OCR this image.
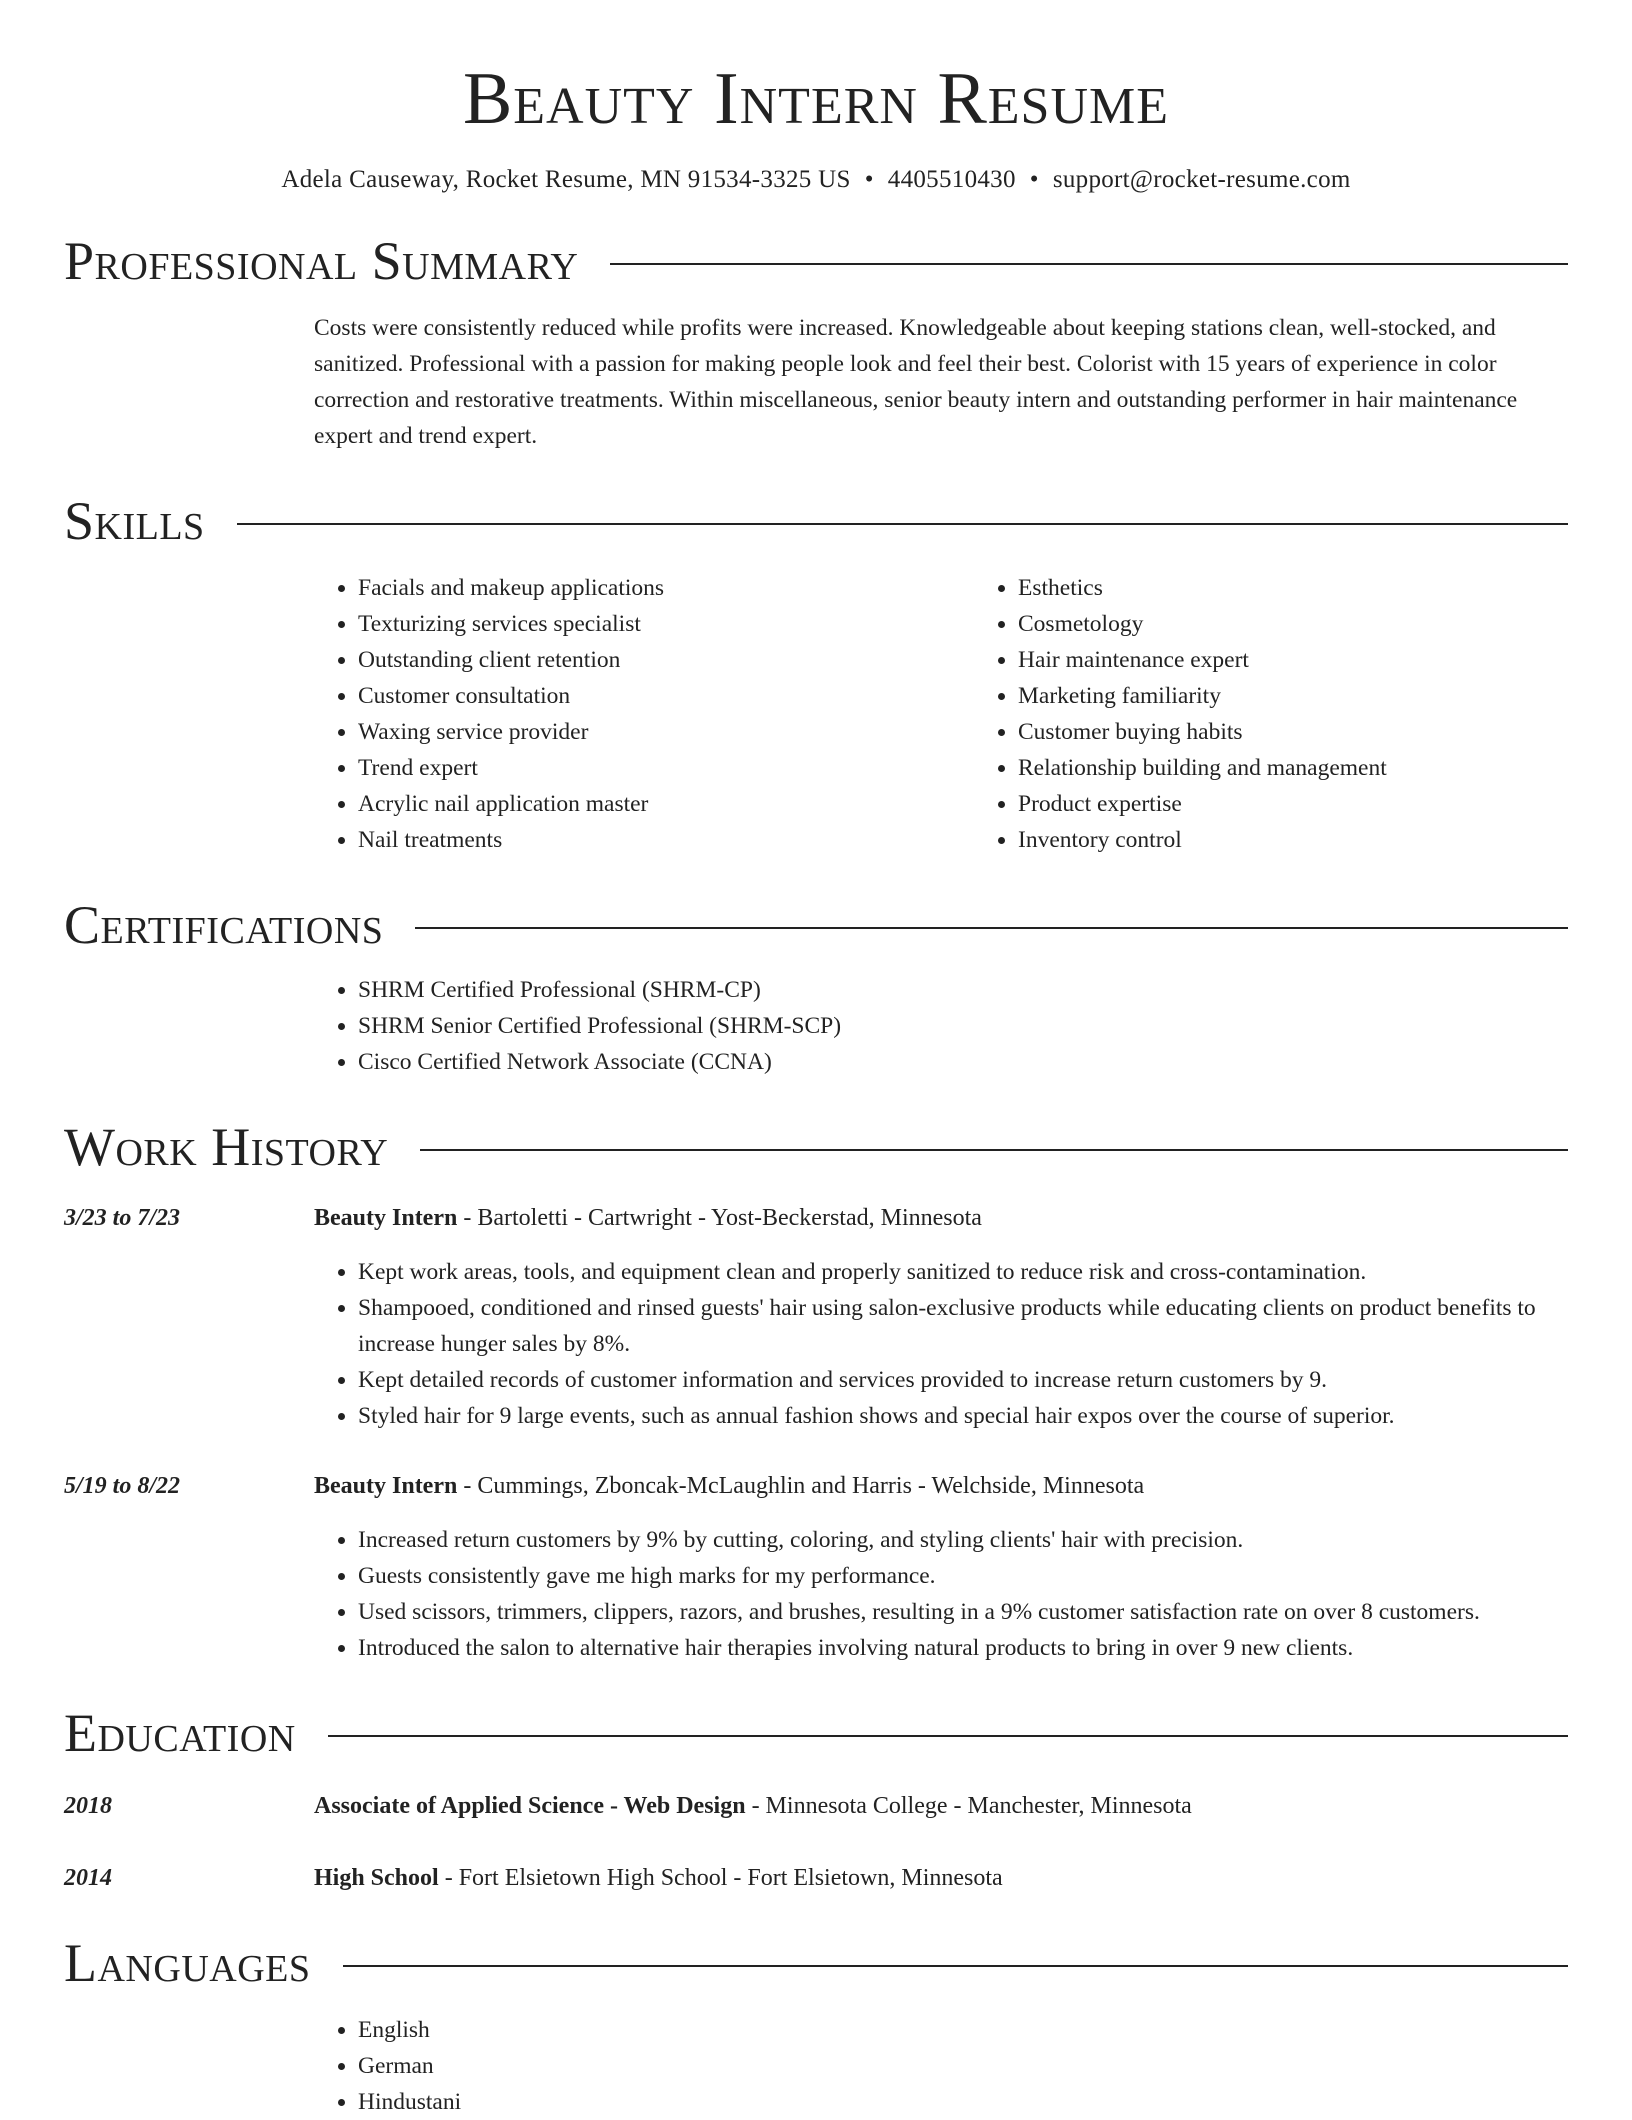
Beauty Intern Resume
Adela Causeway, Rocket Resume, MN 91534-3325 US • 4405510430 • support@rocket-resume.com
Professional Summary
Costs were consistently reduced while profits were increased. Knowledgeable about keeping stations clean, well-stocked, and sanitized. Professional with a passion for making people look and feel their best. Colorist with 15 years of experience in color correction and restorative treatments. Within miscellaneous, senior beauty intern and outstanding performer in hair maintenance expert and trend expert.
Skills
• Facials and makeup applications
• Texturizing services specialist
• Outstanding client retention
• Customer consultation
• Waxing service provider
• Trend expert
• Acrylic nail application master
• Nail treatments
• Esthetics
• Cosmetology
• Hair maintenance expert
• Marketing familiarity
• Customer buying habits
• Relationship building and management
• Product expertise
• Inventory control
Certifications
• SHRM Certified Professional (SHRM-CP)
• SHRM Senior Certified Professional (SHRM-SCP)
• Cisco Certified Network Associate (CCNA)
Work History
3/23 to 7/23	Beauty Intern - Bartoletti - Cartwright - Yost-Beckerstad, Minnesota
• Kept work areas, tools, and equipment clean and properly sanitized to reduce risk and cross-contamination.
• Shampooed, conditioned and rinsed guests' hair using salon-exclusive products while educating clients on product benefits to increase hunger sales by 8%.
• Kept detailed records of customer information and services provided to increase return customers by 9.
• Styled hair for 9 large events, such as annual fashion shows and special hair expos over the course of superior.
5/19 to 8/22	Beauty Intern - Cummings, Zboncak-McLaughlin and Harris - Welchside, Minnesota
• Increased return customers by 9% by cutting, coloring, and styling clients' hair with precision.
• Guests consistently gave me high marks for my performance.
• Used scissors, trimmers, clippers, razors, and brushes, resulting in a 9% customer satisfaction rate on over 8 customers.
• Introduced the salon to alternative hair therapies involving natural products to bring in over 9 new clients.
Education
2018	Associate of Applied Science - Web Design - Minnesota College - Manchester, Minnesota
2014	High School - Fort Elsietown High School - Fort Elsietown, Minnesota
Languages
• English
• German
• Hindustani
